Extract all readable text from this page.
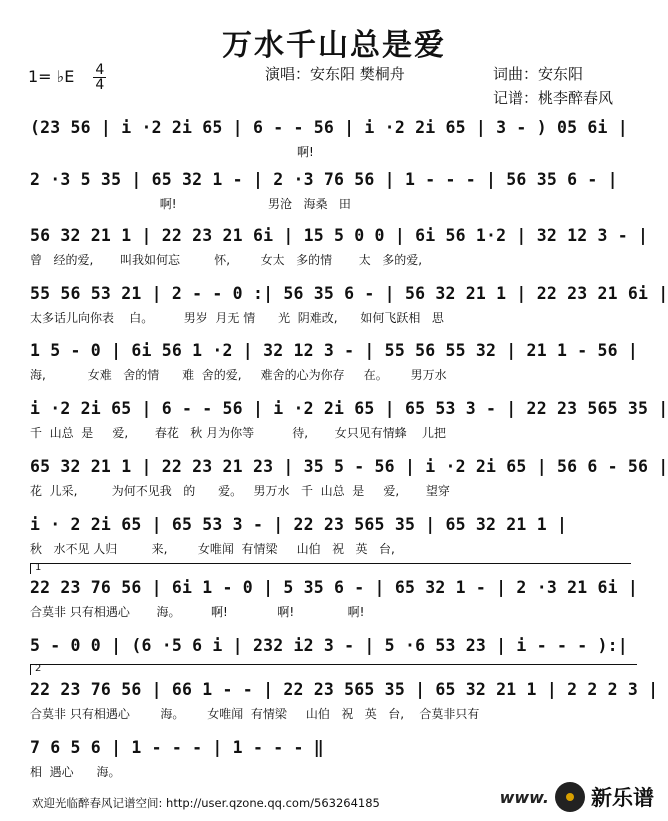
万水千山总是爱
1= ♭E $\frac{4}{4}$	演唱：安东阳 樊桐舟	词曲：安东阳
记谱：桃李醉春风
(23 56 | i ·2 2i 65 | 6 - - 56 | i ·2 2i 65 | 3 - ) 05 6i |
啊!
2 ·3 5 35 | 65 32 1 - | 2 ·3 76 56 | 1 - - - | 56 35 6 - |
啊!                        男沧   海桑   田
56 32 21 1 | 22 23 21 6i | 15 5 0 0 | 6i 56 1·2 | 32 12 3 - |
曾   经的爱,       叫我如何忘         怀,        女太   多的情       太   多的爱,
55 56 53 21 | 2 - - 0 :| 56 35 6 - | 56 32 21 1 | 22 23 21 6i |
太多话儿向你表    白。        男岁  月无 情      光  阴难改,      如何飞跃相   思
1 5 - 0 | 6i 56 1 ·2 | 32 12 3 - | 55 56 55 32 | 21 1 - 56 |
海,           女难   舍的情      难  舍的爱,     难舍的心为你存     在。      男万水
i ·2 2i 65 | 6 - - 56 | i ·2 2i 65 | 65 53 3 - | 22 23 565 35 |
千  山总  是     爱,       春花   秋 月为你等          待,       女只见有情蜂    儿把
65 32 21 1 | 22 23 21 23 | 35 5 - 56 | i ·2 2i 65 | 56 6 - 56 |
花  儿采,         为何不见我   的      爱。   男万水   千  山总  是     爱,       望穿
i · 2 2i 65 | 65 53 3 - | 22 23 565 35 | 65 32 21 1 |
秋   水不见 人归         来,        女唯闻  有情梁     山伯   祝   英   台,
1
22 23 76 56 | 6i 1 - 0 | 5 35 6 - | 65 32 1 - | 2 ·3 21 6i |
合莫非 只有相遇心       海。        啊!             啊!              啊!
5 - 0 0 | (6 ·5 6 i | 232 i2 3 - | 5 ·6 53 23 | i - - - ):|
2
22 23 76 56 | 66 1 - - | 22 23 565 35 | 65 32 21 1 | 2 2 2 3 |
合莫非 只有相遇心        海。      女唯闻  有情梁     山伯   祝   英   台,    合莫非只有
7 6 5 6 | 1 - - - | 1 - - - ‖
相  遇心      海。
欢迎光临醉春风记谱空间: http://user.qzone.qq.com/563264185	www. 新乐谱
